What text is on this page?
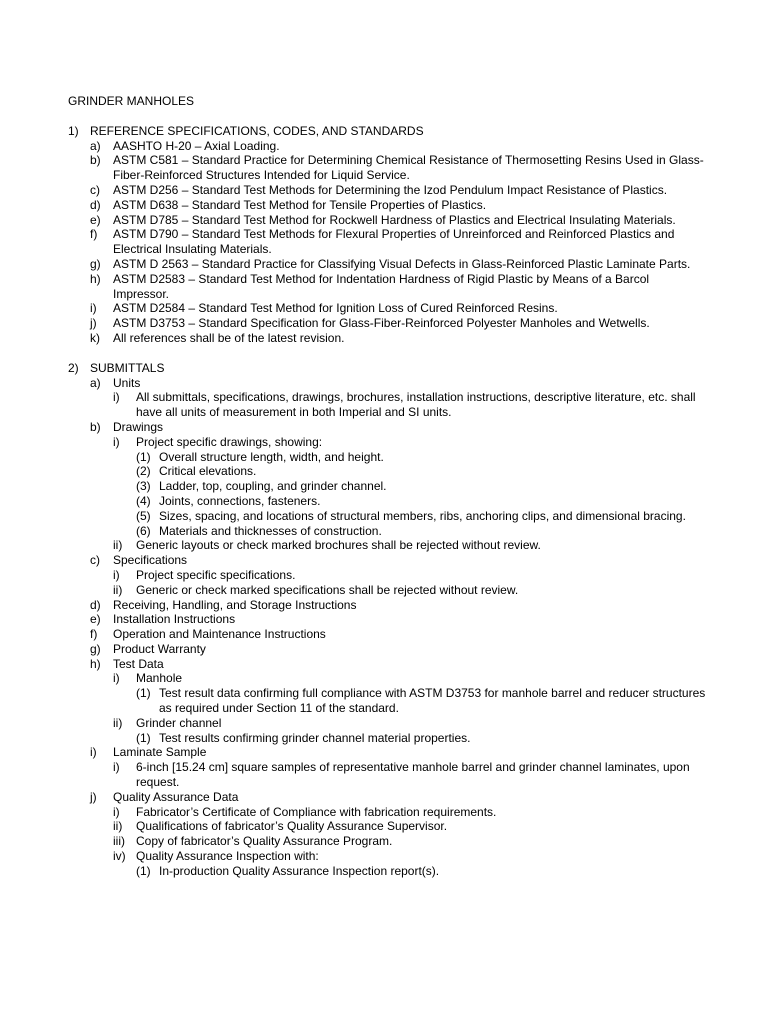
GRINDER MANHOLES
1) REFERENCE SPECIFICATIONS, CODES, AND STANDARDS
a) AASHTO H-20 – Axial Loading.
b) ASTM C581 – Standard Practice for Determining Chemical Resistance of Thermosetting Resins Used in Glass-Fiber-Reinforced Structures Intended for Liquid Service.
c) ASTM D256 – Standard Test Methods for Determining the Izod Pendulum Impact Resistance of Plastics.
d) ASTM D638 – Standard Test Method for Tensile Properties of Plastics.
e) ASTM D785 – Standard Test Method for Rockwell Hardness of Plastics and Electrical Insulating Materials.
f) ASTM D790 – Standard Test Methods for Flexural Properties of Unreinforced and Reinforced Plastics and Electrical Insulating Materials.
g) ASTM D 2563 – Standard Practice for Classifying Visual Defects in Glass-Reinforced Plastic Laminate Parts.
h) ASTM D2583 – Standard Test Method for Indentation Hardness of Rigid Plastic by Means of a Barcol Impressor.
i) ASTM D2584 – Standard Test Method for Ignition Loss of Cured Reinforced Resins.
j) ASTM D3753 – Standard Specification for Glass-Fiber-Reinforced Polyester Manholes and Wetwells.
k) All references shall be of the latest revision.
2) SUBMITTALS
a) Units
i) All submittals, specifications, drawings, brochures, installation instructions, descriptive literature, etc. shall have all units of measurement in both Imperial and SI units.
b) Drawings
i) Project specific drawings, showing:
(1) Overall structure length, width, and height.
(2) Critical elevations.
(3) Ladder, top, coupling, and grinder channel.
(4) Joints, connections, fasteners.
(5) Sizes, spacing, and locations of structural members, ribs, anchoring clips, and dimensional bracing.
(6) Materials and thicknesses of construction.
ii) Generic layouts or check marked brochures shall be rejected without review.
c) Specifications
i) Project specific specifications.
ii) Generic or check marked specifications shall be rejected without review.
d) Receiving, Handling, and Storage Instructions
e) Installation Instructions
f) Operation and Maintenance Instructions
g) Product Warranty
h) Test Data
i) Manhole
(1) Test result data confirming full compliance with ASTM D3753 for manhole barrel and reducer structures as required under Section 11 of the standard.
ii) Grinder channel
(1) Test results confirming grinder channel material properties.
i) Laminate Sample
i) 6-inch [15.24 cm] square samples of representative manhole barrel and grinder channel laminates, upon request.
j) Quality Assurance Data
i) Fabricator’s Certificate of Compliance with fabrication requirements.
ii) Qualifications of fabricator’s Quality Assurance Supervisor.
iii) Copy of fabricator’s Quality Assurance Program.
iv) Quality Assurance Inspection with:
(1) In-production Quality Assurance Inspection report(s).
